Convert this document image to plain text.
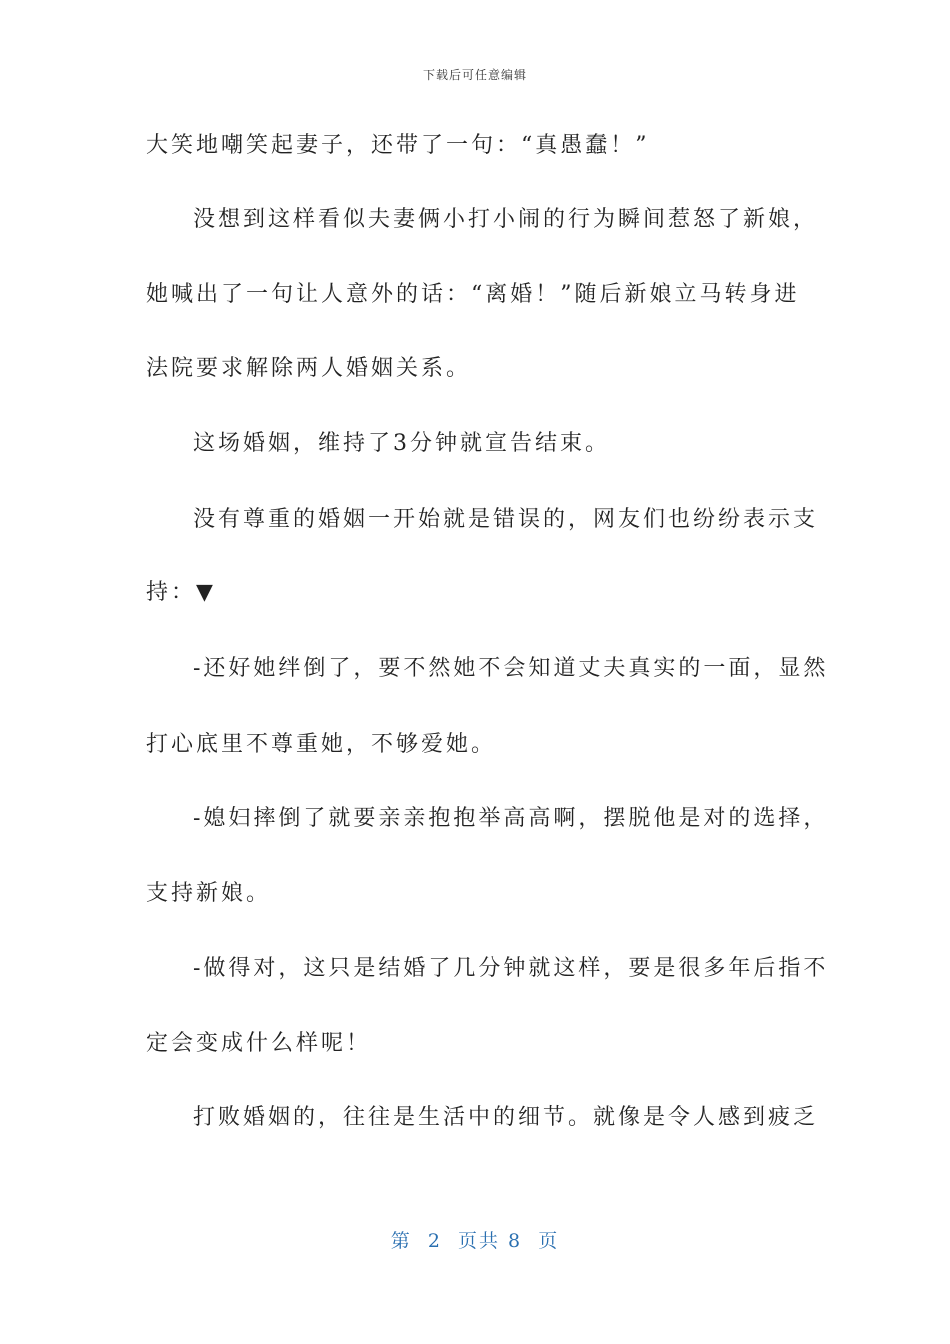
下载后可任意编辑
大笑地嘲笑起妻子，还带了一句：“真愚蠢！”
没想到这样看似夫妻俩小打小闹的行为瞬间惹怒了新娘，
她喊出了一句让人意外的话：“离婚！”随后新娘立马转身进
法院要求解除两人婚姻关系。
这场婚姻，维持了3分钟就宣告结束。
没有尊重的婚姻一开始就是错误的，网友们也纷纷表示支
持：▼
-还好她绊倒了，要不然她不会知道丈夫真实的一面，显然
打心底里不尊重她，不够爱她。
-媳妇摔倒了就要亲亲抱抱举高高啊，摆脱他是对的选择，
支持新娘。
-做得对，这只是结婚了几分钟就这样，要是很多年后指不
定会变成什么样呢！
打败婚姻的，往往是生活中的细节。就像是令人感到疲乏
第  2  页共 8  页
